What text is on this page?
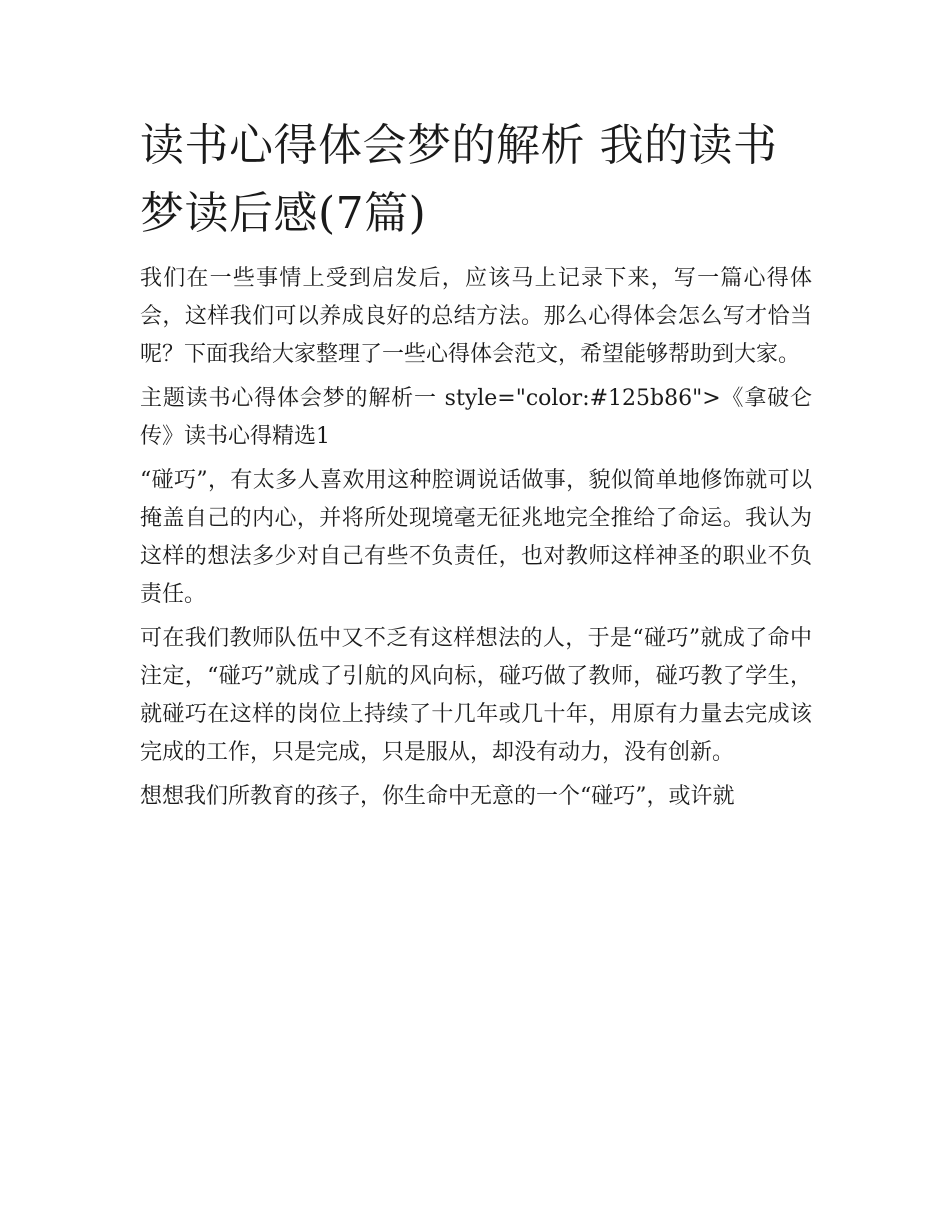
读书心得体会梦的解析 我的读书梦读后感(7篇)

我们在一些事情上受到启发后，应该马上记录下来，写一篇心得体会，这样我们可以养成良好的总结方法。那么心得体会怎么写才恰当呢？下面我给大家整理了一些心得体会范文，希望能够帮助到大家。

主题读书心得体会梦的解析一 style="color:#125b86">《拿破仑传》读书心得精选1

“碰巧”，有太多人喜欢用这种腔调说话做事，貌似简单地修饰就可以掩盖自己的内心，并将所处现境毫无征兆地完全推给了命运。我认为这样的想法多少对自己有些不负责任，也对教师这样神圣的职业不负责任。

可在我们教师队伍中又不乏有这样想法的人，于是“碰巧”就成了命中注定，“碰巧”就成了引航的风向标，碰巧做了教师，碰巧教了学生，就碰巧在这样的岗位上持续了十几年或几十年，用原有力量去完成该完成的工作，只是完成，只是服从，却没有动力，没有创新。

想想我们所教育的孩子，你生命中无意的一个“碰巧”，或许就
